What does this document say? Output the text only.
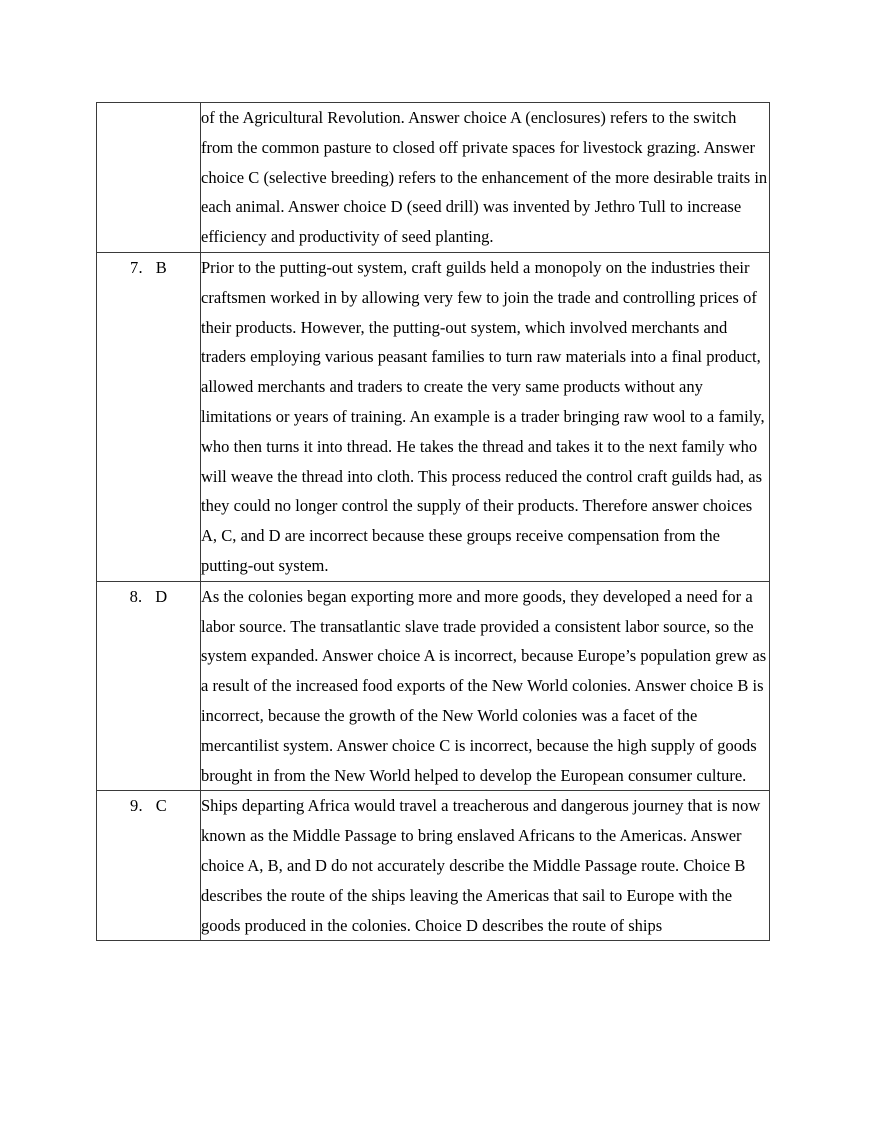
	of the Agricultural Revolution. Answer choice A (enclosures) refers to the switch from the common pasture to closed off private spaces for livestock grazing. Answer choice C (selective breeding) refers to the enhancement of the more desirable traits in each animal. Answer choice D (seed drill) was invented by Jethro Tull to increase efficiency and productivity of seed planting.

7.   B	Prior to the putting-out system, craft guilds held a monopoly on the industries their craftsmen worked in by allowing very few to join the trade and controlling prices of their products. However, the putting-out system, which involved merchants and traders employing various peasant families to turn raw materials into a final product, allowed merchants and traders to create the very same products without any limitations or years of training. An example is a trader bringing raw wool to a family, who then turns it into thread. He takes the thread and takes it to the next family who will weave the thread into cloth. This process reduced the control craft guilds had, as they could no longer control the supply of their products. Therefore answer choices A, C, and D are incorrect because these groups receive compensation from the putting-out system.

8.   D	As the colonies began exporting more and more goods, they developed a need for a labor source. The transatlantic slave trade provided a consistent labor source, so the system expanded. Answer choice A is incorrect, because Europe’s population grew as a result of the increased food exports of the New World colonies. Answer choice B is incorrect, because the growth of the New World colonies was a facet of the mercantilist system. Answer choice C is incorrect, because the high supply of goods brought in from the New World helped to develop the European consumer culture.

9.   C	Ships departing Africa would travel a treacherous and dangerous journey that is now known as the Middle Passage to bring enslaved Africans to the Americas. Answer choice A, B, and D do not accurately describe the Middle Passage route. Choice B describes the route of the ships leaving the Americas that sail to Europe with the goods produced in the colonies. Choice D describes the route of ships
